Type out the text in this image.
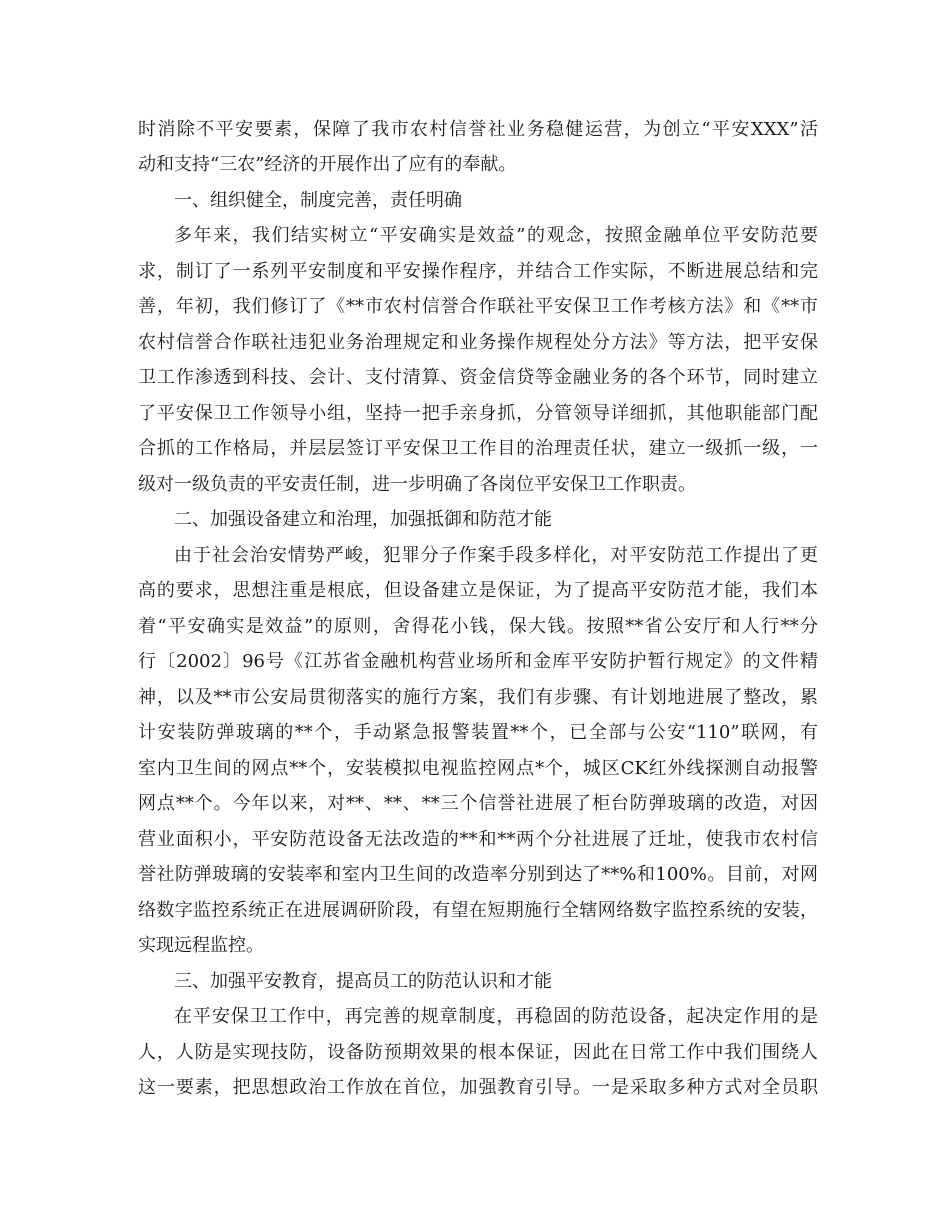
时消除不平安要素，保障了我市农村信誉社业务稳健运营，为创立“平安XXX”活
动和支持“三农”经济的开展作出了应有的奉献。
一、组织健全，制度完善，责任明确
多年来，我们结实树立“平安确实是效益”的观念，按照金融单位平安防范要
求，制订了一系列平安制度和平安操作程序，并结合工作实际，不断进展总结和完
善，年初，我们修订了《**市农村信誉合作联社平安保卫工作考核方法》和《**市
农村信誉合作联社违犯业务治理规定和业务操作规程处分方法》等方法，把平安保
卫工作渗透到科技、会计、支付清算、资金信贷等金融业务的各个环节，同时建立
了平安保卫工作领导小组，坚持一把手亲身抓，分管领导详细抓，其他职能部门配
合抓的工作格局，并层层签订平安保卫工作目的治理责任状，建立一级抓一级，一
级对一级负责的平安责任制，进一步明确了各岗位平安保卫工作职责。
二、加强设备建立和治理，加强抵御和防范才能
由于社会治安情势严峻，犯罪分子作案手段多样化，对平安防范工作提出了更
高的要求，思想注重是根底，但设备建立是保证，为了提高平安防范才能，我们本
着“平安确实是效益”的原则，舍得花小钱，保大钱。按照**省公安厅和人行**分
行〔2002〕96号《江苏省金融机构营业场所和金库平安防护暂行规定》的文件精
神，以及**市公安局贯彻落实的施行方案，我们有步骤、有计划地进展了整改，累
计安装防弹玻璃的**个，手动紧急报警装置**个，已全部与公安“110”联网，有
室内卫生间的网点**个，安装模拟电视监控网点*个，城区CK红外线探测自动报警
网点**个。今年以来，对**、**、**三个信誉社进展了柜台防弹玻璃的改造，对因
营业面积小，平安防范设备无法改造的**和**两个分社进展了迁址，使我市农村信
誉社防弹玻璃的安装率和室内卫生间的改造率分别到达了**%和100%。目前，对网
络数字监控系统正在进展调研阶段，有望在短期施行全辖网络数字监控系统的安装，
实现远程监控。
三、加强平安教育，提高员工的防范认识和才能
在平安保卫工作中，再完善的规章制度，再稳固的防范设备，起决定作用的是
人，人防是实现技防，设备防预期效果的根本保证，因此在日常工作中我们围绕人
这一要素，把思想政治工作放在首位，加强教育引导。一是采取多种方式对全员职
